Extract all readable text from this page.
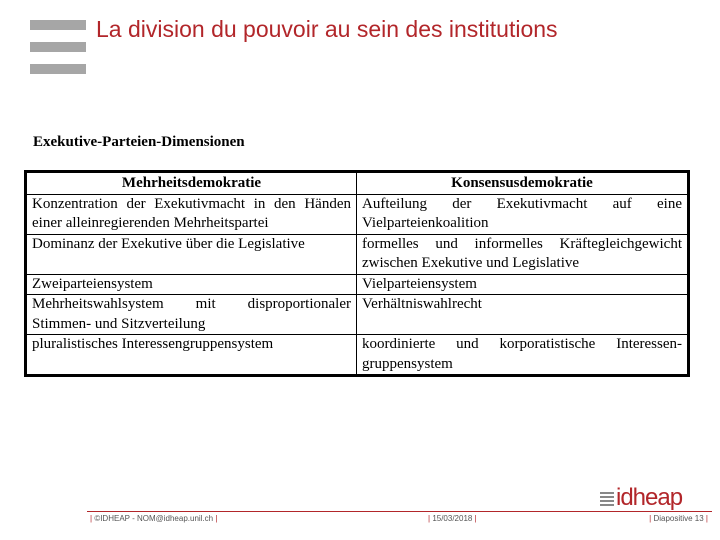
La division du pouvoir au sein des institutions
Exekutive-Parteien-Dimensionen
Mehrheitsdemokratie	Konsensusdemokratie
Konzentration der Exekutivmacht in den Händen einer alleinregierenden Mehrheitspartei	Aufteilung der Exekutivmacht auf eine Vielparteienkoalition
Dominanz der Exekutive über die Legislative	formelles und informelles Kräftegleichgewicht zwischen Exekutive und Legislative
Zweiparteiensystem	Vielparteiensystem
Mehrheitswahlsystem mit disproportionaler Stimmen- und Sitzverteilung	Verhältniswahlrecht
pluralistisches Interessengruppensystem	koordinierte und korporatistische Interessengruppensystem
idheap
| ©IDHEAP - NOM@idheap.unil.ch |	| 15/03/2018 |	| Diapositive 13 |
